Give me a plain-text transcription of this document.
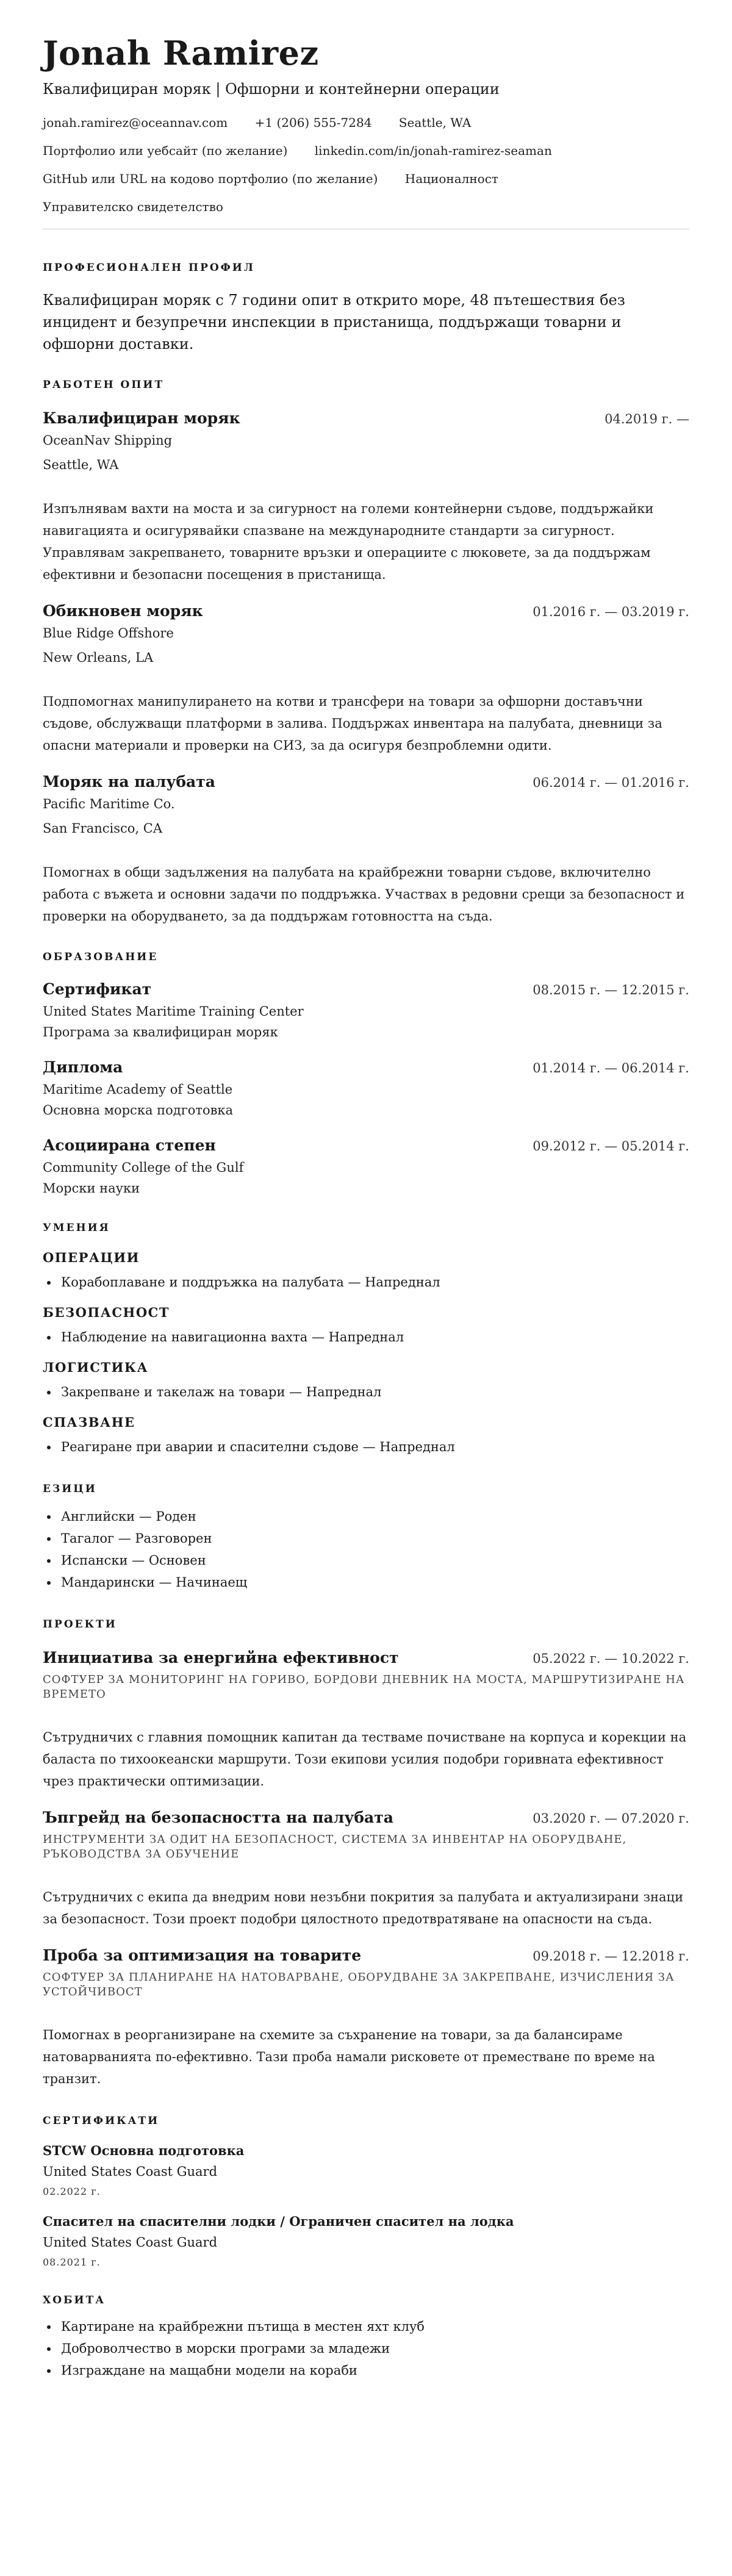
Jonah Ramirez
Квалифициран моряк | Офшорни и контейнерни операции
jonah.ramirez@oceannav.com +1 (206) 555-7284 Seattle, WA
Портфолио или уебсайт (по желание) linkedin.com/in/jonah-ramirez-seaman
GitHub или URL на кодово портфолио (по желание) Националност
Управителско свидетелство
ПРОФЕСИОНАЛЕН ПРОФИЛ
Квалифициран моряк с 7 години опит в открито море, 48 пътешествия без инцидент и безупречни инспекции в пристанища, поддържащи товарни и офшорни доставки.
РАБОТЕН ОПИТ
Квалифициран моряк	04.2019 г. —
OceanNav Shipping
Seattle, WA
Изпълнявам вахти на моста и за сигурност на големи контейнерни съдове, поддържайки навигацията и осигурявайки спазване на международните стандарти за сигурност. Управлявам закрепването, товарните връзки и операциите с люковете, за да поддържам ефективни и безопасни посещения в пристанища.
Обикновен моряк	01.2016 г. — 03.2019 г.
Blue Ridge Offshore
New Orleans, LA
Подпомогнах манипулирането на котви и трансфери на товари за офшорни доставъчни съдове, обслужващи платформи в залива. Поддържах инвентара на палубата, дневници за опасни материали и проверки на СИЗ, за да осигуря безпроблемни одити.
Моряк на палубата	06.2014 г. — 01.2016 г.
Pacific Maritime Co.
San Francisco, CA
Помогнах в общи задължения на палубата на крайбрежни товарни съдове, включително работа с въжета и основни задачи по поддръжка. Участвах в редовни срещи за безопасност и проверки на оборудването, за да поддържам готовността на съда.
ОБРАЗОВАНИЕ
Сертификат	08.2015 г. — 12.2015 г.
United States Maritime Training Center
Програма за квалифициран моряк
Диплома	01.2014 г. — 06.2014 г.
Maritime Academy of Seattle
Основна морска подготовка
Асоциирана степен	09.2012 г. — 05.2014 г.
Community College of the Gulf
Морски науки
УМЕНИЯ
ОПЕРАЦИИ
• Корабоплаване и поддръжка на палубата — Напреднал
БЕЗОПАСНОСТ
• Наблюдение на навигационна вахта — Напреднал
ЛОГИСТИКА
• Закрепване и такелаж на товари — Напреднал
СПАЗВАНЕ
• Реагиране при аварии и спасителни съдове — Напреднал
ЕЗИЦИ
• Английски — Роден
• Тагалог — Разговорен
• Испански — Основен
• Мандарински — Начинаещ
ПРОЕКТИ
Инициатива за енергийна ефективност	05.2022 г. — 10.2022 г.
СОФТУЕР ЗА МОНИТОРИНГ НА ГОРИВО, БОРДОВИ ДНЕВНИК НА МОСТА, МАРШРУТИЗИРАНЕ НА ВРЕМЕТО
Сътрудничих с главния помощник капитан да тестваме почистване на корпуса и корекции на баласта по тихоокеански маршрути. Този екипови усилия подобри горивната ефективност чрез практически оптимизации.
Ъпгрейд на безопасността на палубата	03.2020 г. — 07.2020 г.
ИНСТРУМЕНТИ ЗА ОДИТ НА БЕЗОПАСНОСТ, СИСТЕМА ЗА ИНВЕНТАР НА ОБОРУДВАНЕ, РЪКОВОДСТВА ЗА ОБУЧЕНИЕ
Сътрудничих с екипа да внедрим нови незъбни покрития за палубата и актуализирани знаци за безопасност. Този проект подобри цялостното предотвратяване на опасности на съда.
Проба за оптимизация на товарите	09.2018 г. — 12.2018 г.
СОФТУЕР ЗА ПЛАНИРАНЕ НА НАТОВАРВАНЕ, ОБОРУДВАНЕ ЗА ЗАКРЕПВАНЕ, ИЗЧИСЛЕНИЯ ЗА УСТОЙЧИВОСТ
Помогнах в реорганизиране на схемите за съхранение на товари, за да балансираме натоварванията по-ефективно. Тази проба намали рисковете от преместване по време на транзит.
СЕРТИФИКАТИ
STCW Основна подготовка
United States Coast Guard
02.2022 г.
Спасител на спасителни лодки / Ограничен спасител на лодка
United States Coast Guard
08.2021 г.
ХОБИТА
• Картиране на крайбрежни пътища в местен яхт клуб
• Доброволчество в морски програми за младежи
• Изграждане на мащабни модели на кораби
